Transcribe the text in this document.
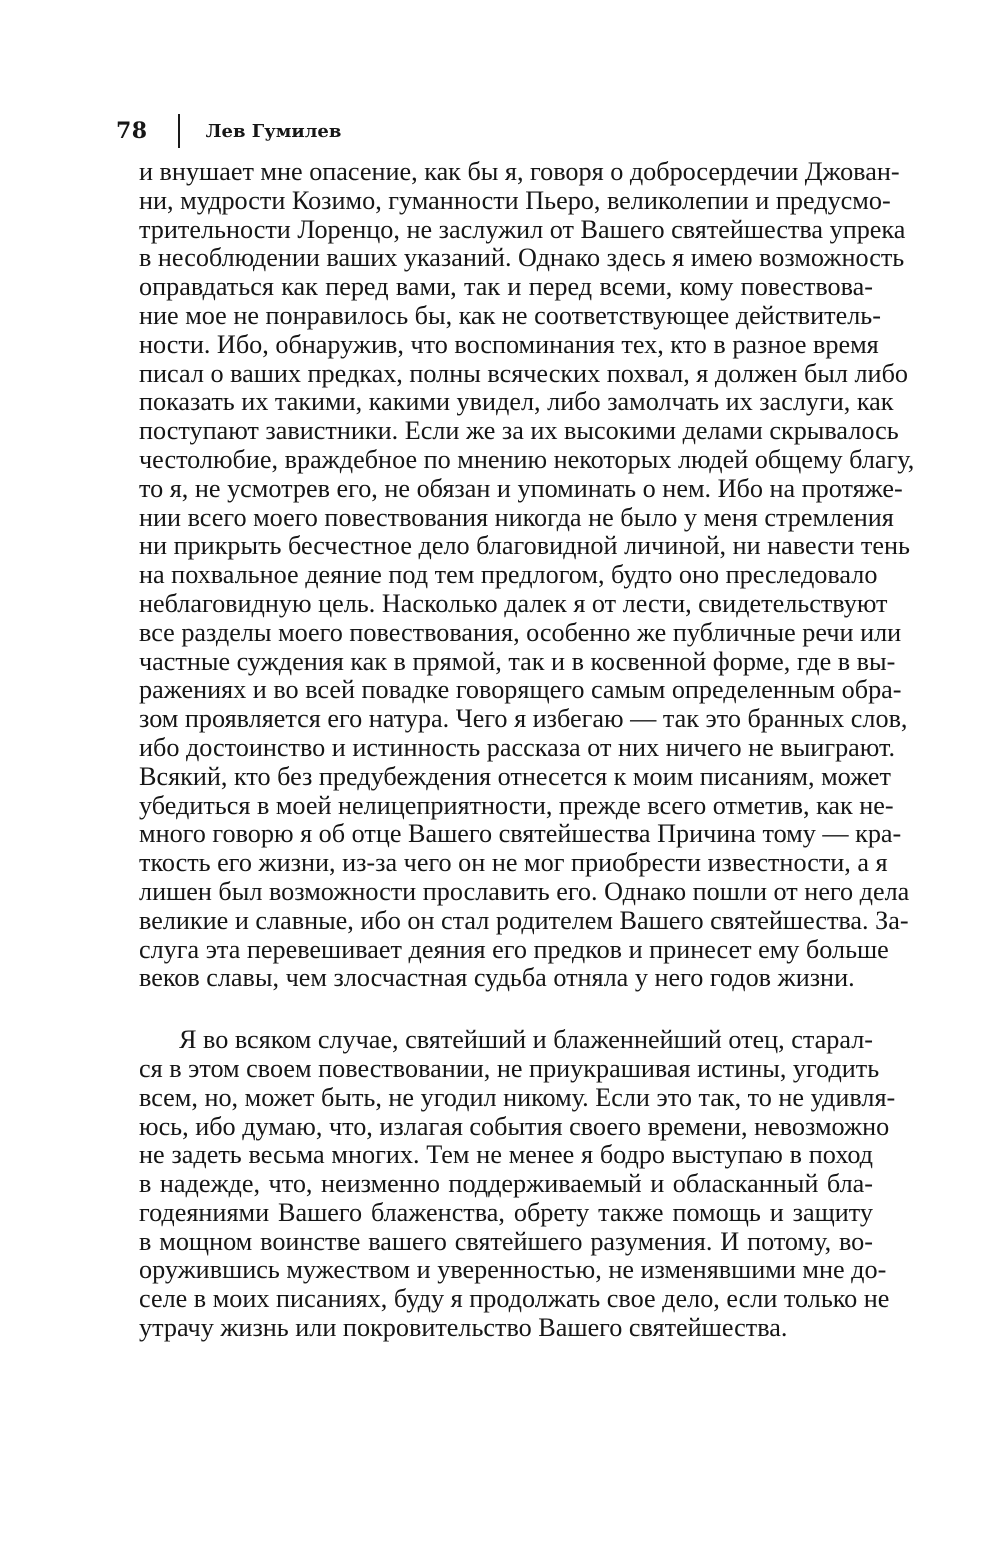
78	Лев Гумилев

и внушает мне опасение, как бы я, говоря о добросердечии Джован-
ни, мудрости Козимо, гуманности Пьеро, великолепии и предусмо-
трительности Лоренцо, не заслужил от Вашего святейшества упрека
в несоблюдении ваших указаний. Однако здесь я имею возможность
оправдаться как перед вами, так и перед всеми, кому повествова-
ние мое не понравилось бы, как не соответствующее действитель-
ности. Ибо, обнаружив, что воспоминания тех, кто в разное время
писал о ваших предках, полны всяческих похвал, я должен был либо
показать их такими, какими увидел, либо замолчать их заслуги, как
поступают завистники. Если же за их высокими делами скрывалось
честолюбие, враждебное по мнению некоторых людей общему благу,
то я, не усмотрев его, не обязан и упоминать о нем. Ибо на протяже-
нии всего моего повествования никогда не было у меня стремления
ни прикрыть бесчестное дело благовидной личиной, ни навести тень
на похвальное деяние под тем предлогом, будто оно преследовало
неблаговидную цель. Насколько далек я от лести, свидетельствуют
все разделы моего повествования, особенно же публичные речи или
частные суждения как в прямой, так и в косвенной форме, где в вы-
ражениях и во всей повадке говорящего самым определенным обра-
зом проявляется его натура. Чего я избегаю — так это бранных слов,
ибо достоинство и истинность рассказа от них ничего не выиграют.
Всякий, кто без предубеждения отнесется к моим писаниям, может
убедиться в моей нелицеприятности, прежде всего отметив, как не-
много говорю я об отце Вашего святейшества Причина тому — кра-
ткость его жизни, из-за чего он не мог приобрести известности, а я
лишен был возможности прославить его. Однако пошли от него дела
великие и славные, ибо он стал родителем Вашего святейшества. За-
слуга эта перевешивает деяния его предков и принесет ему больше
веков славы, чем злосчастная судьба отняла у него годов жизни.

Я во всяком случае, святейший и блаженнейший отец, старал-
ся в этом своем повествовании, не приукрашивая истины, угодить
всем, но, может быть, не угодил никому. Если это так, то не удивля-
юсь, ибо думаю, что, излагая события своего времени, невозможно
не задеть весьма многих. Тем не менее я бодро выступаю в поход
в надежде, что, неизменно поддерживаемый и обласканный бла-
годеяниями Вашего блаженства, обрету также помощь и защиту
в мощном воинстве вашего святейшего разумения. И потому, во-
оружившись мужеством и уверенностью, не изменявшими мне до-
селе в моих писаниях, буду я продолжать свое дело, если только не
утрачу жизнь или покровительство Вашего святейшества.
